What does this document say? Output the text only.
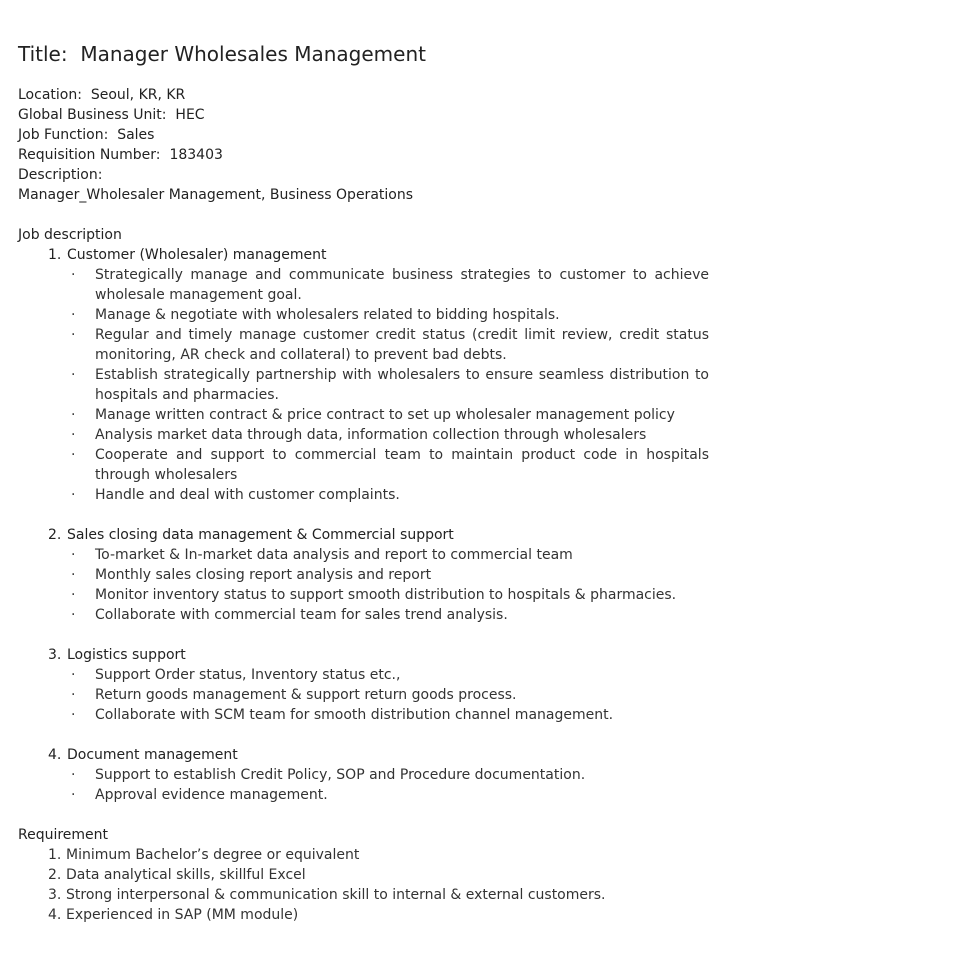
Title: Manager Wholesales Management
Location: Seoul, KR, KR
Global Business Unit: HEC
Job Function: Sales
Requisition Number: 183403
Description:
Manager_Wholesaler Management, Business Operations
Job description
1. Customer (Wholesaler) management
· Strategically manage and communicate business strategies to customer to achieve wholesale management goal.
· Manage & negotiate with wholesalers related to bidding hospitals.
· Regular and timely manage customer credit status (credit limit review, credit status monitoring, AR check and collateral) to prevent bad debts.
· Establish strategically partnership with wholesalers to ensure seamless distribution to hospitals and pharmacies.
· Manage written contract & price contract to set up wholesaler management policy
· Analysis market data through data, information collection through wholesalers
· Cooperate and support to commercial team to maintain product code in hospitals through wholesalers
· Handle and deal with customer complaints.
2. Sales closing data management & Commercial support
· To-market & In-market data analysis and report to commercial team
· Monthly sales closing report analysis and report
· Monitor inventory status to support smooth distribution to hospitals & pharmacies.
· Collaborate with commercial team for sales trend analysis.
3. Logistics support
· Support Order status, Inventory status etc.,
· Return goods management & support return goods process.
· Collaborate with SCM team for smooth distribution channel management.
4. Document management
· Support to establish Credit Policy, SOP and Procedure documentation.
· Approval evidence management.
Requirement
1. Minimum Bachelor’s degree or equivalent
2. Data analytical skills, skillful Excel
3. Strong interpersonal & communication skill to internal & external customers.
4. Experienced in SAP (MM module)
